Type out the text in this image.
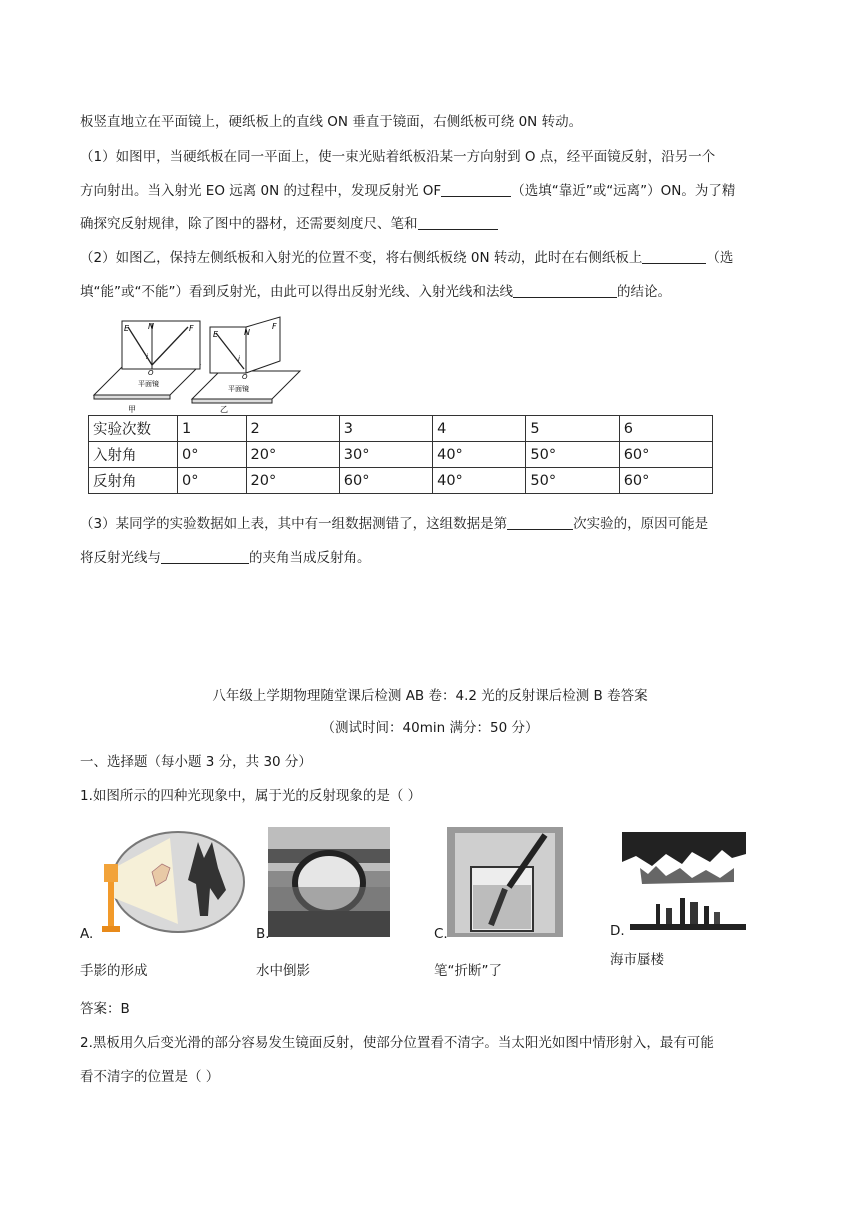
板竖直地立在平面镜上，硬纸板上的直线 ON 垂直于镜面，右侧纸板可绕 0N 转动。
（1）如图甲，当硬纸板在同一平面上，使一束光贴着纸板沿某一方向射到 O 点，经平面镜反射，沿另一个
方向射出。当入射光 EO 远离 0N 的过程中，发现反射光 OF	（选填“靠近”或“远离”）ON。为了精
确探究反射规律，除了图中的器材，还需要刻度尺、笔和
（2）如图乙，保持左侧纸板和入射光的位置不变，将右侧纸板绕 0N 转动，此时在右侧纸板上	（选
填“能”或“不能”）看到反射光，由此可以得出反射光线、入射光线和法线	的结论。
E N	F
i
O
平面镜
甲
E	N
F
i
O
平面镜
乙
实验次数	1	2	3	4	5	6
入射角	0°	20°	30°	40°	50°	60°
反射角	0°	20°	60°	40°	50°	60°
（3）某同学的实验数据如上表，其中有一组数据测错了，这组数据是第	次实验的，原因可能是
将反射光线与	的夹角当成反射角。
八年级上学期物理随堂课后检测 AB 卷：4.2 光的反射课后检测 B 卷答案
（测试时间：40min 满分：50 分）
一、选择题（每小题 3 分，共 30 分）
1.如图所示的四种光现象中，属于光的反射现象的是（ ）
A.
手影的形成
B.
水中倒影
C.
笔“折断”了
D.
海市蜃楼
答案：B
2.黑板用久后变光滑的部分容易发生镜面反射，使部分位置看不清字。当太阳光如图中情形射入，最有可能
看不清字的位置是（ ）
